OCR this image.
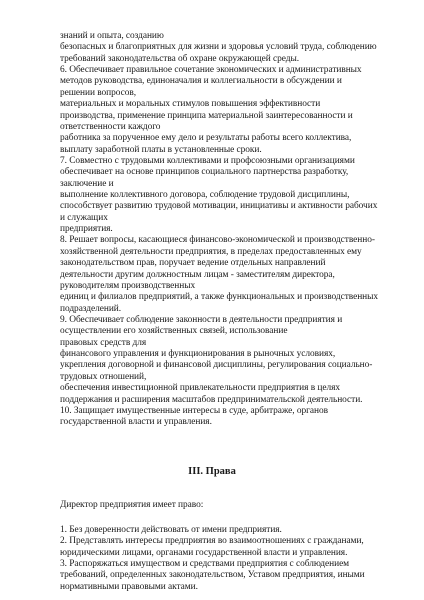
знаний и опыта, созданию
безопасных и благоприятных для жизни и здоровья условий труда, соблюдению
требований законодательства об охране окружающей среды.
6. Обеспечивает правильное сочетание экономических и административных
методов руководства, единоначалия и коллегиальности в обсуждении и
решении вопросов,
материальных и моральных стимулов повышения эффективности
производства, применение принципа материальной заинтересованности и
ответственности каждого
работника за порученное ему дело и результаты работы всего коллектива,
выплату заработной платы в установленные сроки.
7. Совместно с трудовыми коллективами и профсоюзными организациями
обеспечивает на основе принципов социального партнерства разработку,
заключение и
выполнение коллективного договора, соблюдение трудовой дисциплины,
способствует развитию трудовой мотивации, инициативы и активности рабочих
и служащих
предприятия.
8. Решает вопросы, касающиеся финансово-экономической и производственно-
хозяйственной деятельности предприятия, в пределах предоставленных ему
законодательством прав, поручает ведение отдельных направлений
деятельности другим должностным лицам - заместителям директора,
руководителям производственных
единиц и филиалов предприятий, а также функциональных и производственных
подразделений.
9. Обеспечивает соблюдение законности в деятельности предприятия и
осуществлении его хозяйственных связей, использование
правовых средств для
финансового управления и функционирования в рыночных условиях,
укрепления договорной и финансовой дисциплины, регулирования социально-
трудовых отношений,
обеспечения инвестиционной привлекательности предприятия в целях
поддержания и расширения масштабов предпринимательской деятельности.
10. Защищает имущественные интересы в суде, арбитраже, органов
государственной власти и управления.
III. Права
Директор предприятия имеет право:
1. Без доверенности действовать от имени предприятия.
2. Представлять интересы предприятия во взаимоотношениях с гражданами,
юридическими лицами, органами государственной власти и управления.
3. Распоряжаться имуществом и средствами предприятия с соблюдением
требований, определенных законодательством, Уставом предприятия, иными
нормативными правовыми актами.
